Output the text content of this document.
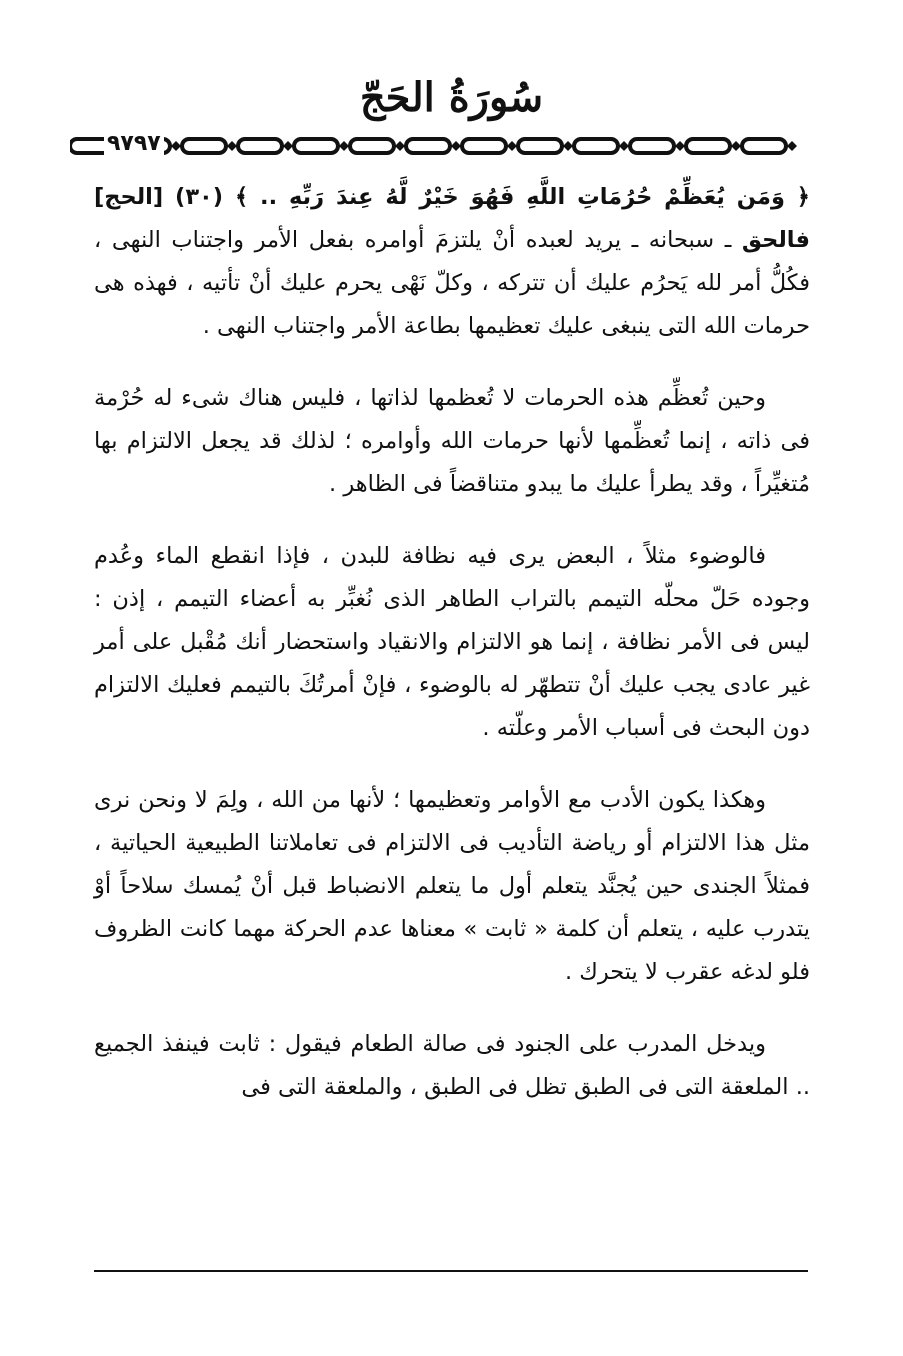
سُورَةُ الحَجّ
٩٧٩٧

﴿ وَمَن يُعَظِّمْ حُرُمَاتِ اللَّهِ فَهُوَ خَيْرٌ لَّهُ عِندَ رَبِّهِ .. ﴾ (٣٠) [الحج] فالحق ـ سبحانه ـ يريد لعبده أنْ يلتزمَ أوامره بفعل الأمر واجتناب النهى ، فكُلُّ أمر لله يَحرُم عليك أن تتركه ، وكلّ نَهْى يحرم عليك أنْ تأتيه ، فهذه هى حرمات الله التى ينبغى عليك تعظيمها بطاعة الأمر واجتناب النهى .

وحين تُعظِّم هذه الحرمات لا تُعظمها لذاتها ، فليس هناك شىء له حُرْمة فى ذاته ، إنما تُعظِّمها لأنها حرمات الله وأوامره ؛ لذلك قد يجعل الالتزام بها مُتغيِّراً ، وقد يطرأ عليك ما يبدو متناقضاً فى الظاهر .

فالوضوء مثلاً ، البعض يرى فيه نظافة للبدن ، فإذا انقطع الماء وعُدم وجوده حَلّ محلّه التيمم بالتراب الطاهر الذى نُغبِّر به أعضاء التيمم ، إذن : ليس فى الأمر نظافة ، إنما هو الالتزام والانقياد واستحضار أنك مُقْبل على أمر غير عادى يجب عليك أنْ تتطهّر له بالوضوء ، فإنْ أمرتُكَ بالتيمم فعليك الالتزام دون البحث فى أسباب الأمر وعلّته .

وهكذا يكون الأدب مع الأوامر وتعظيمها ؛ لأنها من الله ، ولِمَ لا ونحن نرى مثل هذا الالتزام أو رياضة التأديب فى الالتزام فى تعاملاتنا الطبيعية الحياتية ، فمثلاً الجندى حين يُجنَّد يتعلم أول ما يتعلم الانضباط قبل أنْ يُمسك سلاحاً أوْ يتدرب عليه ، يتعلم أن كلمة « ثابت » معناها عدم الحركة مهما كانت الظروف فلو لدغه عقرب لا يتحرك .

ويدخل المدرب على الجنود فى صالة الطعام فيقول : ثابت فينفذ الجميع .. الملعقة التى فى الطبق تظل فى الطبق ، والملعقة التى فى
